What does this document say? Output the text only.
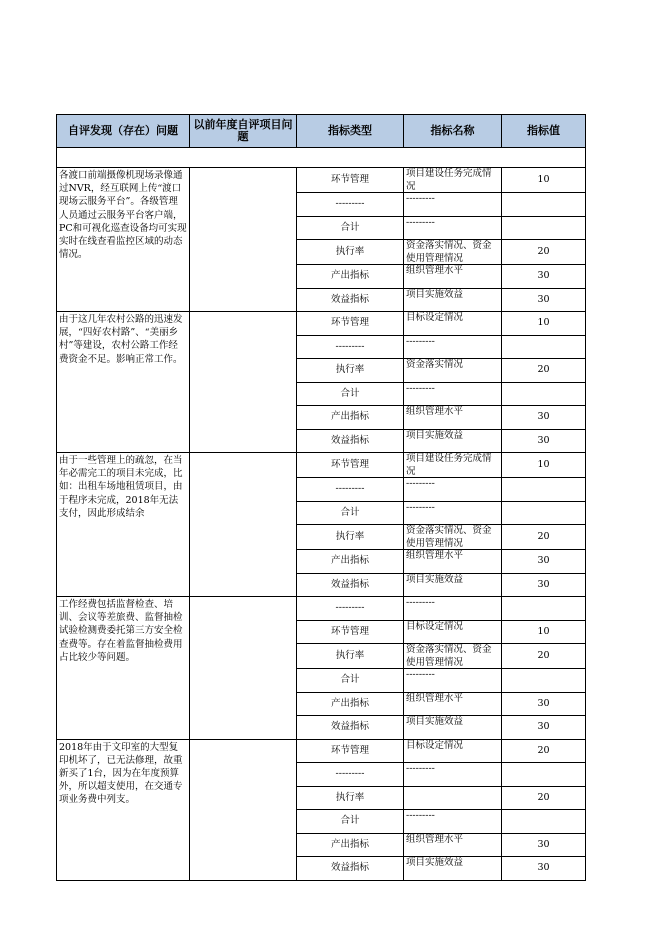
自评发现（存在）问题	以前年度自评项目问题	指标类型	指标名称	指标值

各渡口前端摄像机现场录像通过NVR，经互联网上传“渡口现场云服务平台”。各级管理人员通过云服务平台客户端，PC和可视化巡查设备均可实现实时在线查看监控区域的动态情况。		环节管理	项目建设任务完成情况	10
		---------	---------	

		合计	---------	

		执行率	资金落实情况、资金使用管理情况	20
		产出指标	组织管理水平	30
		效益指标	项目实施效益	30
由于这几年农村公路的迅速发展，“四好农村路”、“美丽乡村”等建设，农村公路工作经费资金不足。影响正常工作。		环节管理	目标设定情况	10
		---------	---------	

		执行率	资金落实情况	20
		合计	---------	

		产出指标	组织管理水平	30
		效益指标	项目实施效益	30
由于一些管理上的疏忽，在当年必需完工的项目未完成，比如：出租车场地租赁项目，由于程序未完成，2018年无法支付，因此形成结余		环节管理	项目建设任务完成情况	10
		---------	---------	

		合计	---------	

		执行率	资金落实情况、资金使用管理情况	20
		产出指标	组织管理水平	30
		效益指标	项目实施效益	30
工作经费包括监督检查、培训、会议等差旅费、监督抽检试验检测费委托第三方安全检查费等。存在着监督抽检费用占比较少等问题。		---------	---------	

		环节管理	目标设定情况	10
		执行率	资金落实情况、资金使用管理情况	20
		合计	---------	

		产出指标	组织管理水平	30
		效益指标	项目实施效益	30
2018年由于文印室的大型复印机坏了，已无法修理，故重新买了1台，因为在年度预算外，所以超支使用，在交通专项业务费中列支。		环节管理	目标设定情况	20
		---------	---------	

		执行率		20
		合计	---------	

		产出指标	组织管理水平	30
		效益指标	项目实施效益	30
